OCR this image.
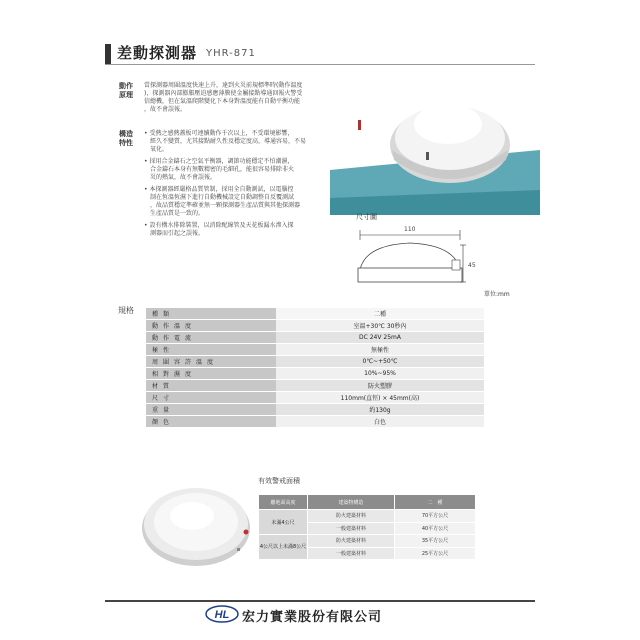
差動探測器 YHR-871
動作原理
當探測器周圍溫度快速上升，達到火災前規標準時(動作溫度
)，探測器內部膨脹壓迫感應薄膜使金屬接點導通回報火警受
信總機，但在氣溫爬階變化下本身對溫度能有自動平衡功能
，故不會誤報。
尺寸圖
110
45
單位:mm
構造特性
• 受熱之感熱蓋板可連續動作千次以上，不受環境影響，
經久不變質，尤其接點耐久性及穩定度高，導通容易，不易
氧化。
• 採用合金鑄石之空氣平衡器，調節功能穩定不怕潮濕，
合金鑄石本身有無數精密的毛細孔，能很容易排除非火
災的熱氣，故不會誤報。
• 本探測器經嚴格品質管制，採用全自動測試，以電腦控
制在恆溫恆濕下進行自動機械設定自動調整自反覆測試
，故品質穩定準確並無一顆探測器生產品質與其他探測器
生產品質是一致的。
• 設有構水排除裝置，以消除配線管及天花板漏水滲入探
測器而引起之誤報。
規格	種類	二種
動作溫度	室溫+30℃ 30秒內
動作電流	DC 24V 25mA
極性	無極性
周圍容許溫度	0℃~+50℃
相對濕度	10%~95%
材質	防火塑膠
尺寸	110mm(直徑) × 45mm(高)
重量	約130g
顏色	白色
有效警戒面積
離地面高度	建築物構造	二　種
未滿4公尺	防火建築材料	70平方公尺
	一般建築材料	40平方公尺
4公尺以上未滿8公尺	防火建築材料	35平方公尺
	一般建築材料	25平方公尺
HL 宏力實業股份有限公司
